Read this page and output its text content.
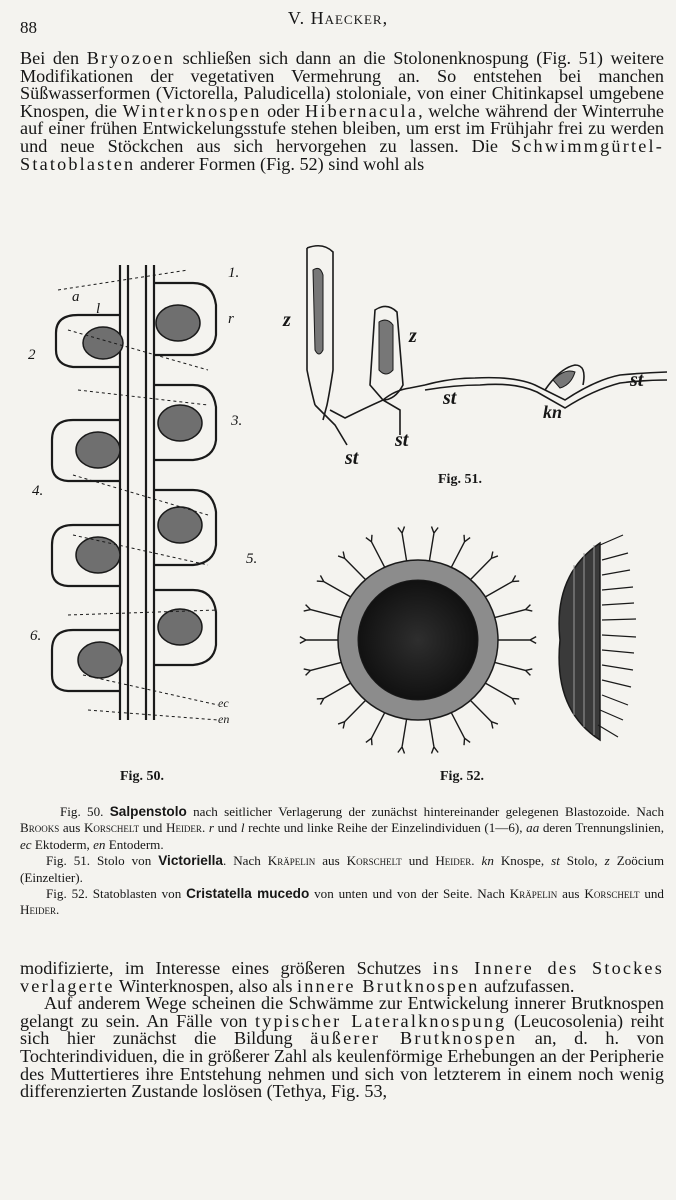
88	V. Haecker,

Bei den Bryozoen schließen sich dann an die Stolonenknospung (Fig. 51) weitere Modifikationen der vegetativen Vermehrung an. So entstehen bei manchen Süßwasserformen (Victorella, Paludicella) stoloniale, von einer Chitinkapsel umgebene Knospen, die Winterknospen oder Hibernacula, welche während der Winterruhe auf einer frühen Entwickelungsstufe stehen bleiben, um erst im Frühjahr frei zu werden und neue Stöckchen aus sich hervorgehen zu lassen. Die Schwimmgürtel-Statoblasten anderer Formen (Fig. 52) sind wohl als

1.
2
3.
4.
5.
6.
r
l
a
ec
en
Fig. 50.
z
z
st
st
st
st
kn
Fig. 51.
Fig. 52.

Fig. 50. Salpenstolo nach seitlicher Verlagerung der zunächst hintereinander gelegenen Blastozoide. Nach Brooks aus Korschelt und Heider. r und l rechte und linke Reihe der Einzelindividuen (1—6), aa deren Trennungslinien, ec Ektoderm, en Entoderm.

Fig. 51. Stolo von Victoriella. Nach Kräpelin aus Korschelt und Heider. kn Knospe, st Stolo, z Zoöcium (Einzeltier).

Fig. 52. Statoblasten von Cristatella mucedo von unten und von der Seite. Nach Kräpelin aus Korschelt und Heider.

modifizierte, im Interesse eines größeren Schutzes ins Innere des Stockes verlagerte Winterknospen, also als innere Brutknospen aufzufassen.
Auf anderem Wege scheinen die Schwämme zur Entwickelung innerer Brutknospen gelangt zu sein. An Fälle von typischer Lateralknospung (Leucosolenia) reiht sich hier zunächst die Bildung äußerer Brutknospen an, d. h. von Tochterindividuen, die in größerer Zahl als keulenförmige Erhebungen an der Peripherie des Muttertieres ihre Entstehung nehmen und sich von letzterem in einem noch wenig differenzierten Zustande loslösen (Tethya, Fig. 53,
